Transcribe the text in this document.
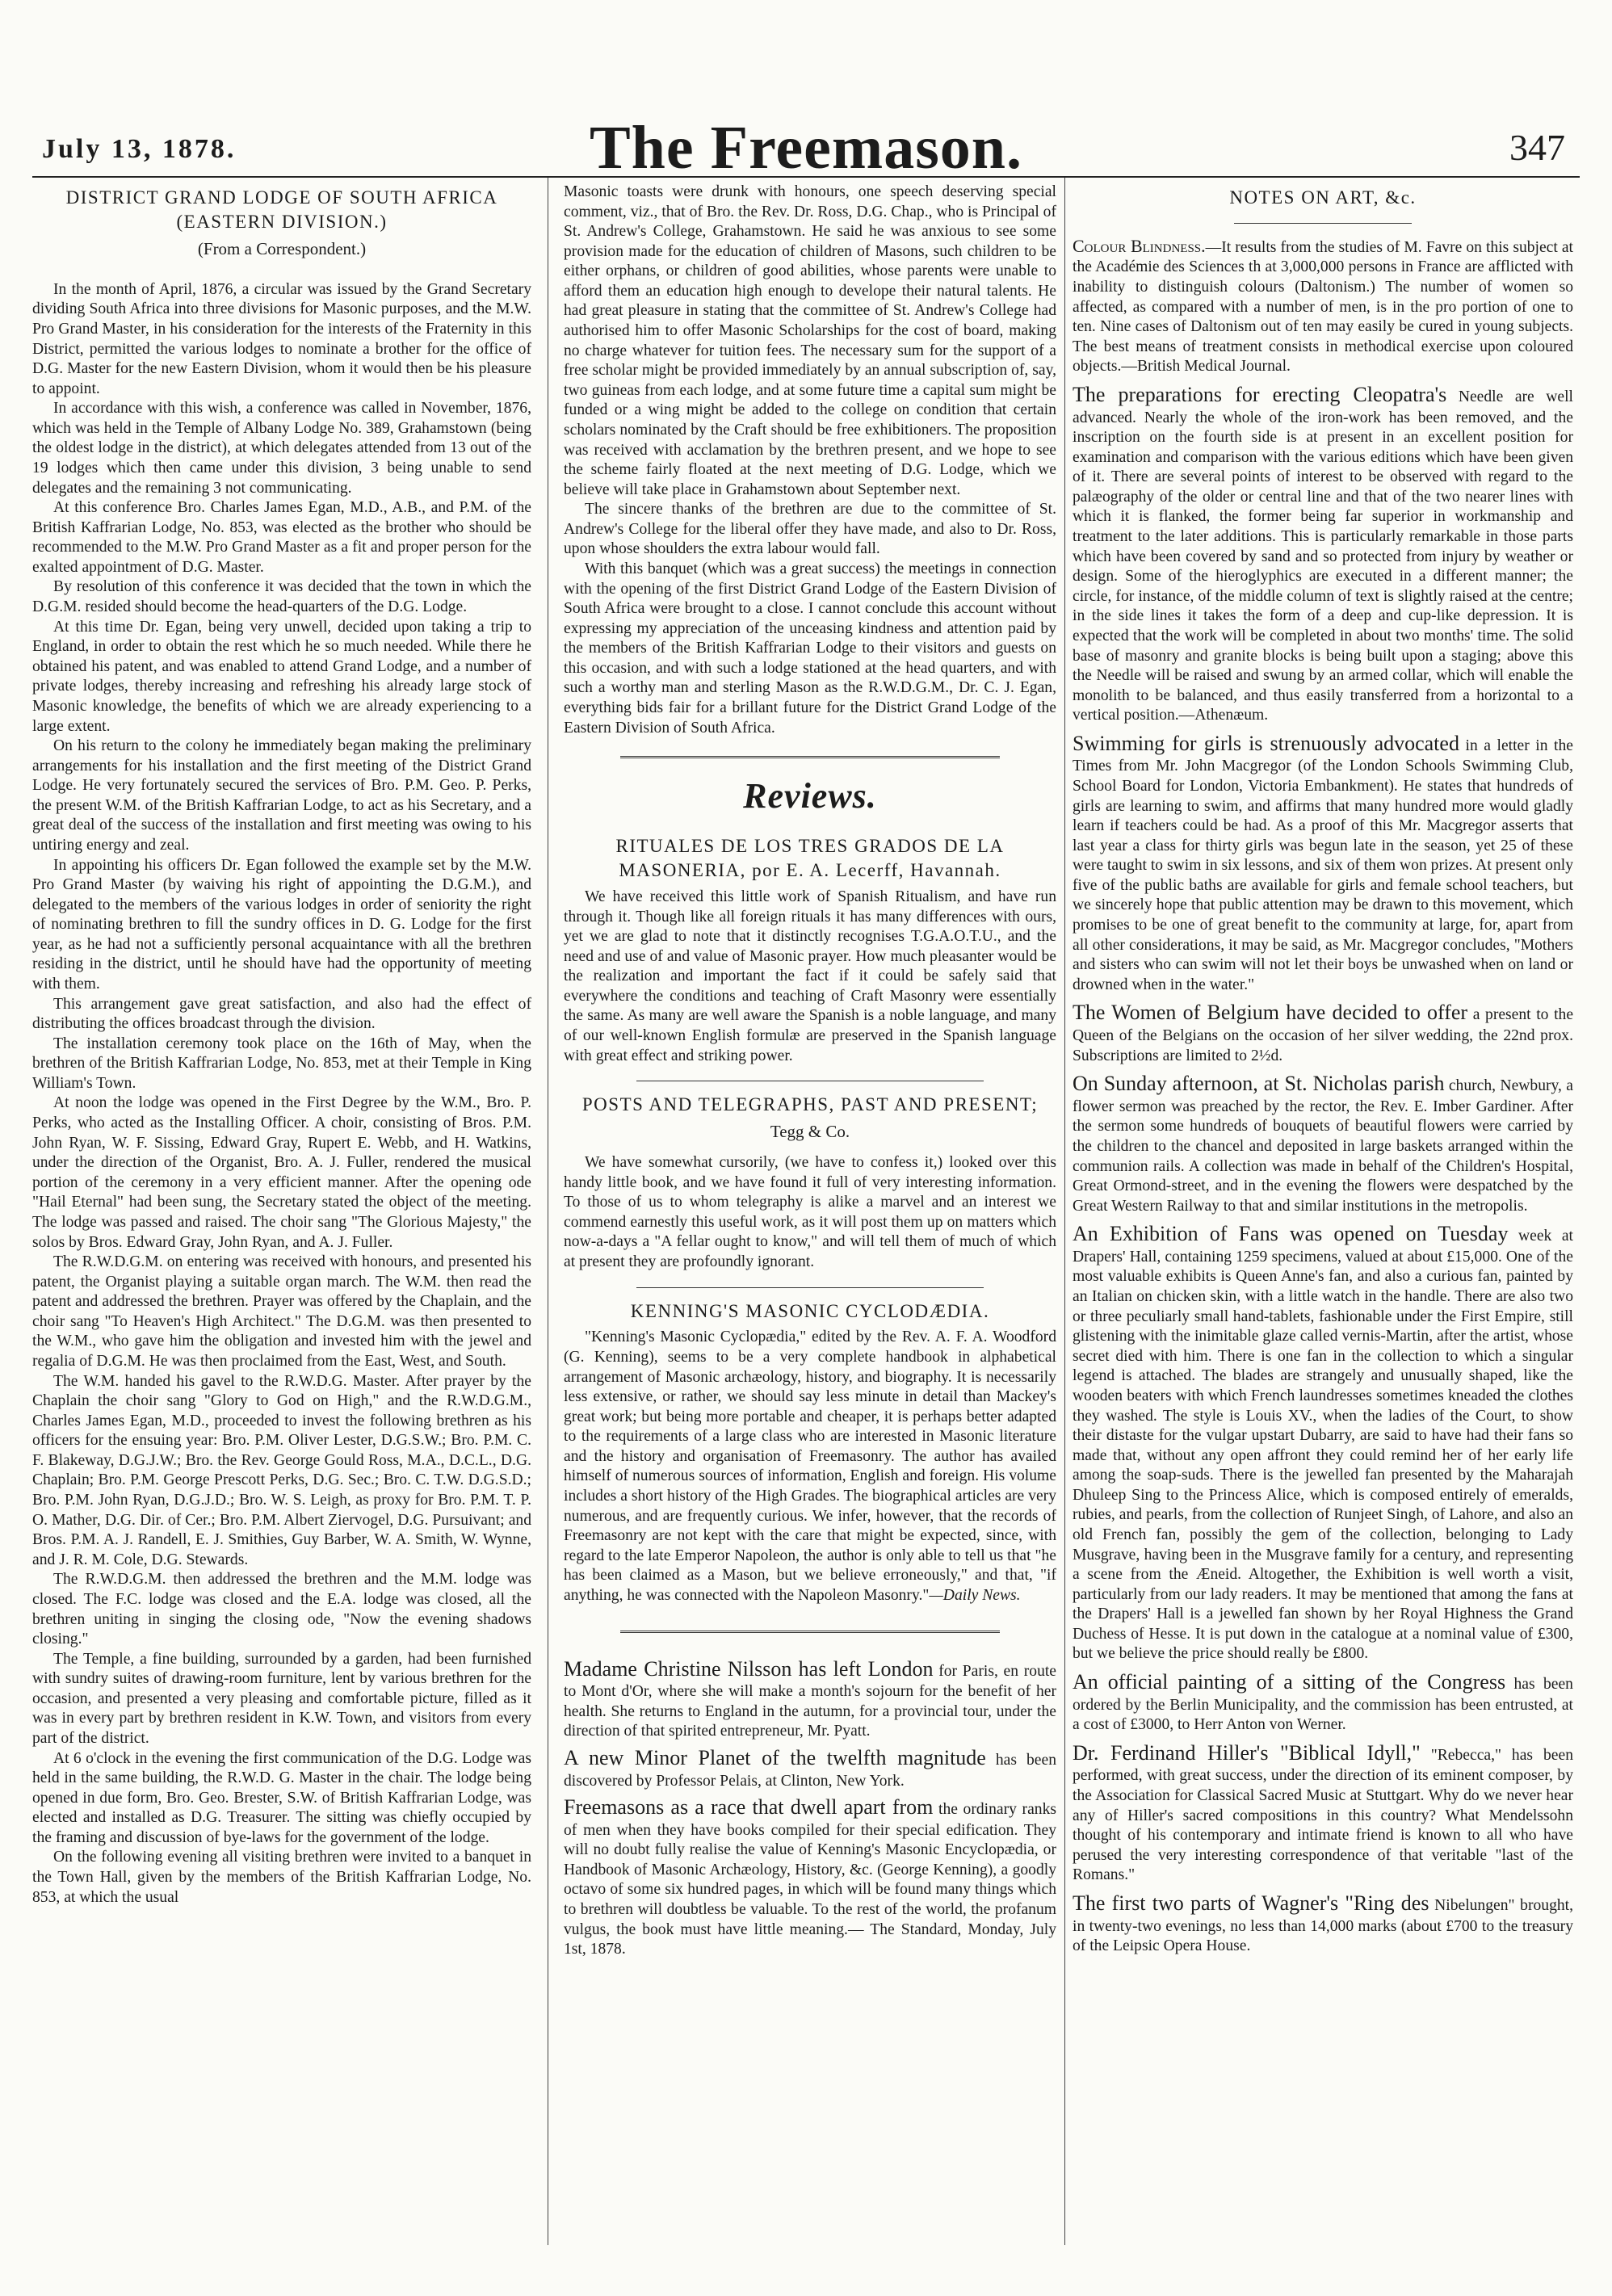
July 13, 1878.	The Freemason.	347
DISTRICT GRAND LODGE OF SOUTH AFRICA (EASTERN DIVISION.)
(From a Correspondent.)

In the month of April, 1876, a circular was issued by the Grand Secretary dividing South Africa into three divisions for Masonic purposes, and the M.W. Pro Grand Master, in his consideration for the interests of the Fraternity in this District, permitted the various lodges to nominate a brother for the office of D.G. Master for the new Eastern Division, whom it would then be his pleasure to appoint.

In accordance with this wish, a conference was called in November, 1876, which was held in the Temple of Albany Lodge No. 389, Grahamstown (being the oldest lodge in the district), at which delegates attended from 13 out of the 19 lodges which then came under this division, 3 being unable to send delegates and the remaining 3 not communicating.

At this conference Bro. Charles James Egan, M.D., A.B., and P.M. of the British Kaffrarian Lodge, No. 853, was elected as the brother who should be recommended to the M.W. Pro Grand Master as a fit and proper person for the exalted appointment of D.G. Master.

By resolution of this conference it was decided that the town in which the D.G.M. resided should become the head-quarters of the D.G. Lodge.

At this time Dr. Egan, being very unwell, decided upon taking a trip to England, in order to obtain the rest which he so much needed. While there he obtained his patent, and was enabled to attend Grand Lodge, and a number of private lodges, thereby increasing and refreshing his already large stock of Masonic knowledge, the benefits of which we are already experiencing to a large extent.

On his return to the colony he immediately began making the preliminary arrangements for his installation and the first meeting of the District Grand Lodge. He very fortunately secured the services of Bro. P.M. Geo. P. Perks, the present W.M. of the British Kaffrarian Lodge, to act as his Secretary, and a great deal of the success of the installation and first meeting was owing to his untiring energy and zeal.

In appointing his officers Dr. Egan followed the example set by the M.W. Pro Grand Master (by waiving his right of appointing the D.G.M.), and delegated to the members of the various lodges in order of seniority the right of nominating brethren to fill the sundry offices in D. G. Lodge for the first year, as he had not a sufficiently personal acquaintance with all the brethren residing in the district, until he should have had the opportunity of meeting with them.

This arrangement gave great satisfaction, and also had the effect of distributing the offices broadcast through the division.

The installation ceremony took place on the 16th of May, when the brethren of the British Kaffrarian Lodge, No. 853, met at their Temple in King William's Town.

At noon the lodge was opened in the First Degree by the W.M., Bro. P. Perks, who acted as the Installing Officer. A choir, consisting of Bros. P.M. John Ryan, W. F. Sissing, Edward Gray, Rupert E. Webb, and H. Watkins, under the direction of the Organist, Bro. A. J. Fuller, rendered the musical portion of the ceremony in a very efficient manner. After the opening ode "Hail Eternal" had been sung, the Secretary stated the object of the meeting. The lodge was passed and raised. The choir sang "The Glorious Majesty," the solos by Bros. Edward Gray, John Ryan, and A. J. Fuller.

The R.W.D.G.M. on entering was received with honours, and presented his patent, the Organist playing a suitable organ march. The W.M. then read the patent and addressed the brethren. Prayer was offered by the Chaplain, and the choir sang "To Heaven's High Architect." The D.G.M. was then presented to the W.M., who gave him the obligation and invested him with the jewel and regalia of D.G.M. He was then proclaimed from the East, West, and South.

The W.M. handed his gavel to the R.W.D.G. Master. After prayer by the Chaplain the choir sang "Glory to God on High," and the R.W.D.G.M., Charles James Egan, M.D., proceeded to invest the following brethren as his officers for the ensuing year: Bro. P.M. Oliver Lester, D.G.S.W.; Bro. P.M. C. F. Blakeway, D.G.J.W.; Bro. the Rev. George Gould Ross, M.A., D.C.L., D.G. Chaplain; Bro. P.M. George Prescott Perks, D.G. Sec.; Bro. C. T.W. D.G.S.D.; Bro. P.M. John Ryan, D.G.J.D.; Bro. W. S. Leigh, as proxy for Bro. P.M. T. P. O. Mather, D.G. Dir. of Cer.; Bro. P.M. Albert Ziervogel, D.G. Pursuivant; and Bros. P.M. A. J. Randell, E. J. Smithies, Guy Barber, W. A. Smith, W. Wynne, and J. R. M. Cole, D.G. Stewards.

The R.W.D.G.M. then addressed the brethren and the M.M. lodge was closed. The F.C. lodge was closed and the E.A. lodge was closed, all the brethren uniting in singing the closing ode, "Now the evening shadows closing."

The Temple, a fine building, surrounded by a garden, had been furnished with sundry suites of drawing-room furniture, lent by various brethren for the occasion, and presented a very pleasing and comfortable picture, filled as it was in every part by brethren resident in K.W. Town, and visitors from every part of the district.

At 6 o'clock in the evening the first communication of the D.G. Lodge was held in the same building, the R.W.D. G. Master in the chair. The lodge being opened in due form, Bro. Geo. Brester, S.W. of British Kaffrarian Lodge, was elected and installed as D.G. Treasurer. The sitting was chiefly occupied by the framing and discussion of bye-laws for the government of the lodge.

On the following evening all visiting brethren were invited to a banquet in the Town Hall, given by the members of the British Kaffrarian Lodge, No. 853, at which the usual

Masonic toasts were drunk with honours, one speech deserving special comment, viz., that of Bro. the Rev. Dr. Ross, D.G. Chap., who is Principal of St. Andrew's College, Grahamstown. He said he was anxious to see some provision made for the education of children of Masons, such children to be either orphans, or children of good abilities, whose parents were unable to afford them an education high enough to develope their natural talents. He had great pleasure in stating that the committee of St. Andrew's College had authorised him to offer Masonic Scholarships for the cost of board, making no charge whatever for tuition fees. The necessary sum for the support of a free scholar might be provided immediately by an annual subscription of, say, two guineas from each lodge, and at some future time a capital sum might be funded or a wing might be added to the college on condition that certain scholars nominated by the Craft should be free exhibitioners. The proposition was received with acclamation by the brethren present, and we hope to see the scheme fairly floated at the next meeting of D.G. Lodge, which we believe will take place in Grahamstown about September next.

The sincere thanks of the brethren are due to the committee of St. Andrew's College for the liberal offer they have made, and also to Dr. Ross, upon whose shoulders the extra labour would fall.

With this banquet (which was a great success) the meetings in connection with the opening of the first District Grand Lodge of the Eastern Division of South Africa were brought to a close. I cannot conclude this account without expressing my appreciation of the unceasing kindness and attention paid by the members of the British Kaffrarian Lodge to their visitors and guests on this occasion, and with such a lodge stationed at the head quarters, and with such a worthy man and sterling Mason as the R.W.D.G.M., Dr. C. J. Egan, everything bids fair for a brillant future for the District Grand Lodge of the Eastern Division of South Africa.

Reviews.
RITUALES DE LOS TRES GRADOS DE LA MASONERIA, por E. A. Lecerff, Havannah.

We have received this little work of Spanish Ritualism, and have run through it. Though like all foreign rituals it has many differences with ours, yet we are glad to note that it distinctly recognises T.G.A.O.T.U., and the need and use of and value of Masonic prayer. How much pleasanter would be the realization and important the fact if it could be safely said that everywhere the conditions and teaching of Craft Masonry were essentially the same. As many are well aware the Spanish is a noble language, and many of our well-known English formulæ are preserved in the Spanish language with great effect and striking power.

POSTS AND TELEGRAPHS, PAST AND PRESENT;
Tegg & Co.

We have somewhat cursorily, (we have to confess it,) looked over this handy little book, and we have found it full of very interesting information. To those of us to whom telegraphy is alike a marvel and an interest we commend earnestly this useful work, as it will post them up on matters which now-a-days a "A fellar ought to know," and will tell them of much of which at present they are profoundly ignorant.

KENNING'S MASONIC CYCLODÆDIA.

"Kenning's Masonic Cyclopædia," edited by the Rev. A. F. A. Woodford (G. Kenning), seems to be a very complete handbook in alphabetical arrangement of Masonic archæology, history, and biography. It is necessarily less extensive, or rather, we should say less minute in detail than Mackey's great work; but being more portable and cheaper, it is perhaps better adapted to the requirements of a large class who are interested in Masonic literature and the history and organisation of Freemasonry. The author has availed himself of numerous sources of information, English and foreign. His volume includes a short history of the High Grades. The biographical articles are very numerous, and are frequently curious. We infer, however, that the records of Freemasonry are not kept with the care that might be expected, since, with regard to the late Emperor Napoleon, the author is only able to tell us that "he has been claimed as a Mason, but we believe erroneously," and that, "if anything, he was connected with the Napoleon Masonry."—Daily News.

Madame Christine Nilsson has left London for Paris, en route to Mont d'Or, where she will make a month's sojourn for the benefit of her health. She returns to England in the autumn, for a provincial tour, under the direction of that spirited entrepreneur, Mr. Pyatt.

A new Minor Planet of the twelfth magnitude has been discovered by Professor Pelais, at Clinton, New York.

Freemasons as a race that dwell apart from the ordinary ranks of men when they have books compiled for their special edification. They will no doubt fully realise the value of Kenning's Masonic Encyclopædia, or Handbook of Masonic Archæology, History, &c. (George Kenning), a goodly octavo of some six hundred pages, in which will be found many things which to brethren will doubtless be valuable. To the rest of the world, the profanum vulgus, the book must have little meaning.— The Standard, Monday, July 1st, 1878.

NOTES ON ART, &c.

Colour Blindness.—It results from the studies of M. Favre on this subject at the Académie des Sciences th at 3,000,000 persons in France are afflicted with inability to distinguish colours (Daltonism.) The number of women so affected, as compared with a number of men, is in the pro portion of one to ten. Nine cases of Daltonism out of ten may easily be cured in young subjects. The best means of treatment consists in methodical exercise upon coloured objects.—British Medical Journal.

The preparations for erecting Cleopatra's Needle are well advanced. Nearly the whole of the iron-work has been removed, and the inscription on the fourth side is at present in an excellent position for examination and comparison with the various editions which have been given of it. There are several points of interest to be observed with regard to the palæography of the older or central line and that of the two nearer lines with which it is flanked, the former being far superior in workmanship and treatment to the later additions. This is particularly remarkable in those parts which have been covered by sand and so protected from injury by weather or design. Some of the hieroglyphics are executed in a different manner; the circle, for instance, of the middle column of text is slightly raised at the centre; in the side lines it takes the form of a deep and cup-like depression. It is expected that the work will be completed in about two months' time. The solid base of masonry and granite blocks is being built upon a staging; above this the Needle will be raised and swung by an armed collar, which will enable the monolith to be balanced, and thus easily transferred from a horizontal to a vertical position.—Athenæum.

Swimming for girls is strenuously advocated in a letter in the Times from Mr. John Macgregor (of the London Schools Swimming Club, School Board for London, Victoria Embankment). He states that hundreds of girls are learning to swim, and affirms that many hundred more would gladly learn if teachers could be had. As a proof of this Mr. Macgregor asserts that last year a class for thirty girls was begun late in the season, yet 25 of these were taught to swim in six lessons, and six of them won prizes. At present only five of the public baths are available for girls and female school teachers, but we sincerely hope that public attention may be drawn to this movement, which promises to be one of great benefit to the community at large, for, apart from all other considerations, it may be said, as Mr. Macgregor concludes, "Mothers and sisters who can swim will not let their boys be unwashed when on land or drowned when in the water."

The Women of Belgium have decided to offer a present to the Queen of the Belgians on the occasion of her silver wedding, the 22nd prox. Subscriptions are limited to 2½d.

On Sunday afternoon, at St. Nicholas parish church, Newbury, a flower sermon was preached by the rector, the Rev. E. Imber Gardiner. After the sermon some hundreds of bouquets of beautiful flowers were carried by the children to the chancel and deposited in large baskets arranged within the communion rails. A collection was made in behalf of the Children's Hospital, Great Ormond-street, and in the evening the flowers were despatched by the Great Western Railway to that and similar institutions in the metropolis.

An Exhibition of Fans was opened on Tuesday week at Drapers' Hall, containing 1259 specimens, valued at about £15,000. One of the most valuable exhibits is Queen Anne's fan, and also a curious fan, painted by an Italian on chicken skin, with a little watch in the handle. There are also two or three peculiarly small hand-tablets, fashionable under the First Empire, still glistening with the inimitable glaze called vernis-Martin, after the artist, whose secret died with him. There is one fan in the collection to which a singular legend is attached. The blades are strangely and unusually shaped, like the wooden beaters with which French laundresses sometimes kneaded the clothes they washed. The style is Louis XV., when the ladies of the Court, to show their distaste for the vulgar upstart Dubarry, are said to have had their fans so made that, without any open affront they could remind her of her early life among the soap-suds. There is the jewelled fan presented by the Maharajah Dhuleep Sing to the Princess Alice, which is composed entirely of emeralds, rubies, and pearls, from the collection of Runjeet Singh, of Lahore, and also an old French fan, possibly the gem of the collection, belonging to Lady Musgrave, having been in the Musgrave family for a century, and representing a scene from the Æneid. Altogether, the Exhibition is well worth a visit, particularly from our lady readers. It may be mentioned that among the fans at the Drapers' Hall is a jewelled fan shown by her Royal Highness the Grand Duchess of Hesse. It is put down in the catalogue at a nominal value of £300, but we believe the price should really be £800.

An official painting of a sitting of the Congress has been ordered by the Berlin Municipality, and the commission has been entrusted, at a cost of £3000, to Herr Anton von Werner.

Dr. Ferdinand Hiller's "Biblical Idyll," "Rebecca," has been performed, with great success, under the direction of its eminent composer, by the Association for Classical Sacred Music at Stuttgart. Why do we never hear any of Hiller's sacred compositions in this country? What Mendelssohn thought of his contemporary and intimate friend is known to all who have perused the very interesting correspondence of that veritable "last of the Romans."

The first two parts of Wagner's "Ring des Nibelungen" brought, in twenty-two evenings, no less than 14,000 marks (about £700 to the treasury of the Leipsic Opera House.
